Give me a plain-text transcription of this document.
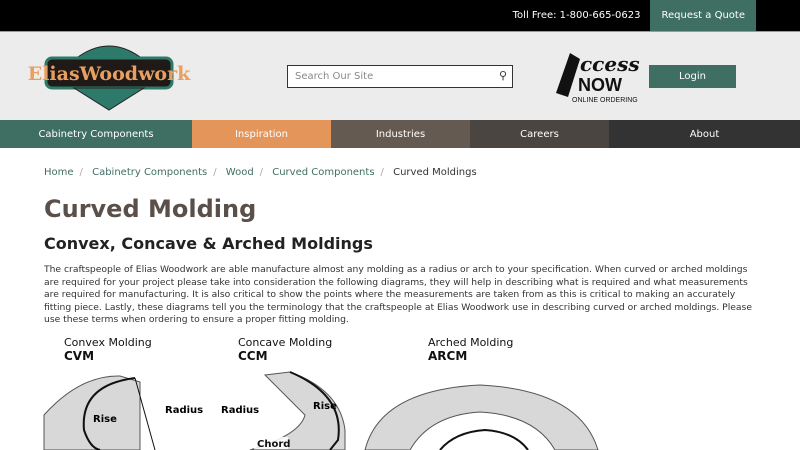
Toll Free: 1-800-665-0623	Request a Quote
EliasWoodwork	Search Our Site	⚲	ccess
NOW
ONLINE ORDERING
Login
Cabinetry Components	Inspiration	Industries	Careers	About
Home / Cabinetry Components / Wood / Curved Components / Curved Moldings
Curved Molding
Convex, Concave & Arched Moldings

The craftspeople of Elias Woodwork are able manufacture almost any molding as a radius or arch to your specification. When curved or arched moldings are required for your project please take into consideration the following diagrams, they will help in describing what is required and what measurements are required for manufacturing. It is also critical to show the points where the measurements are taken from as this is critical to making an accurately fitting piece. Lastly, these diagrams tell you the terminology that the craftspeople at Elias Woodwork use in describing curved or arched moldings. Please use these terms when ordering to ensure a proper fitting molding.

Convex Molding
CVM
Concave Molding
CCM
Arched Molding
ARCM
Radius
Rise
Radius	Rise
Chord
